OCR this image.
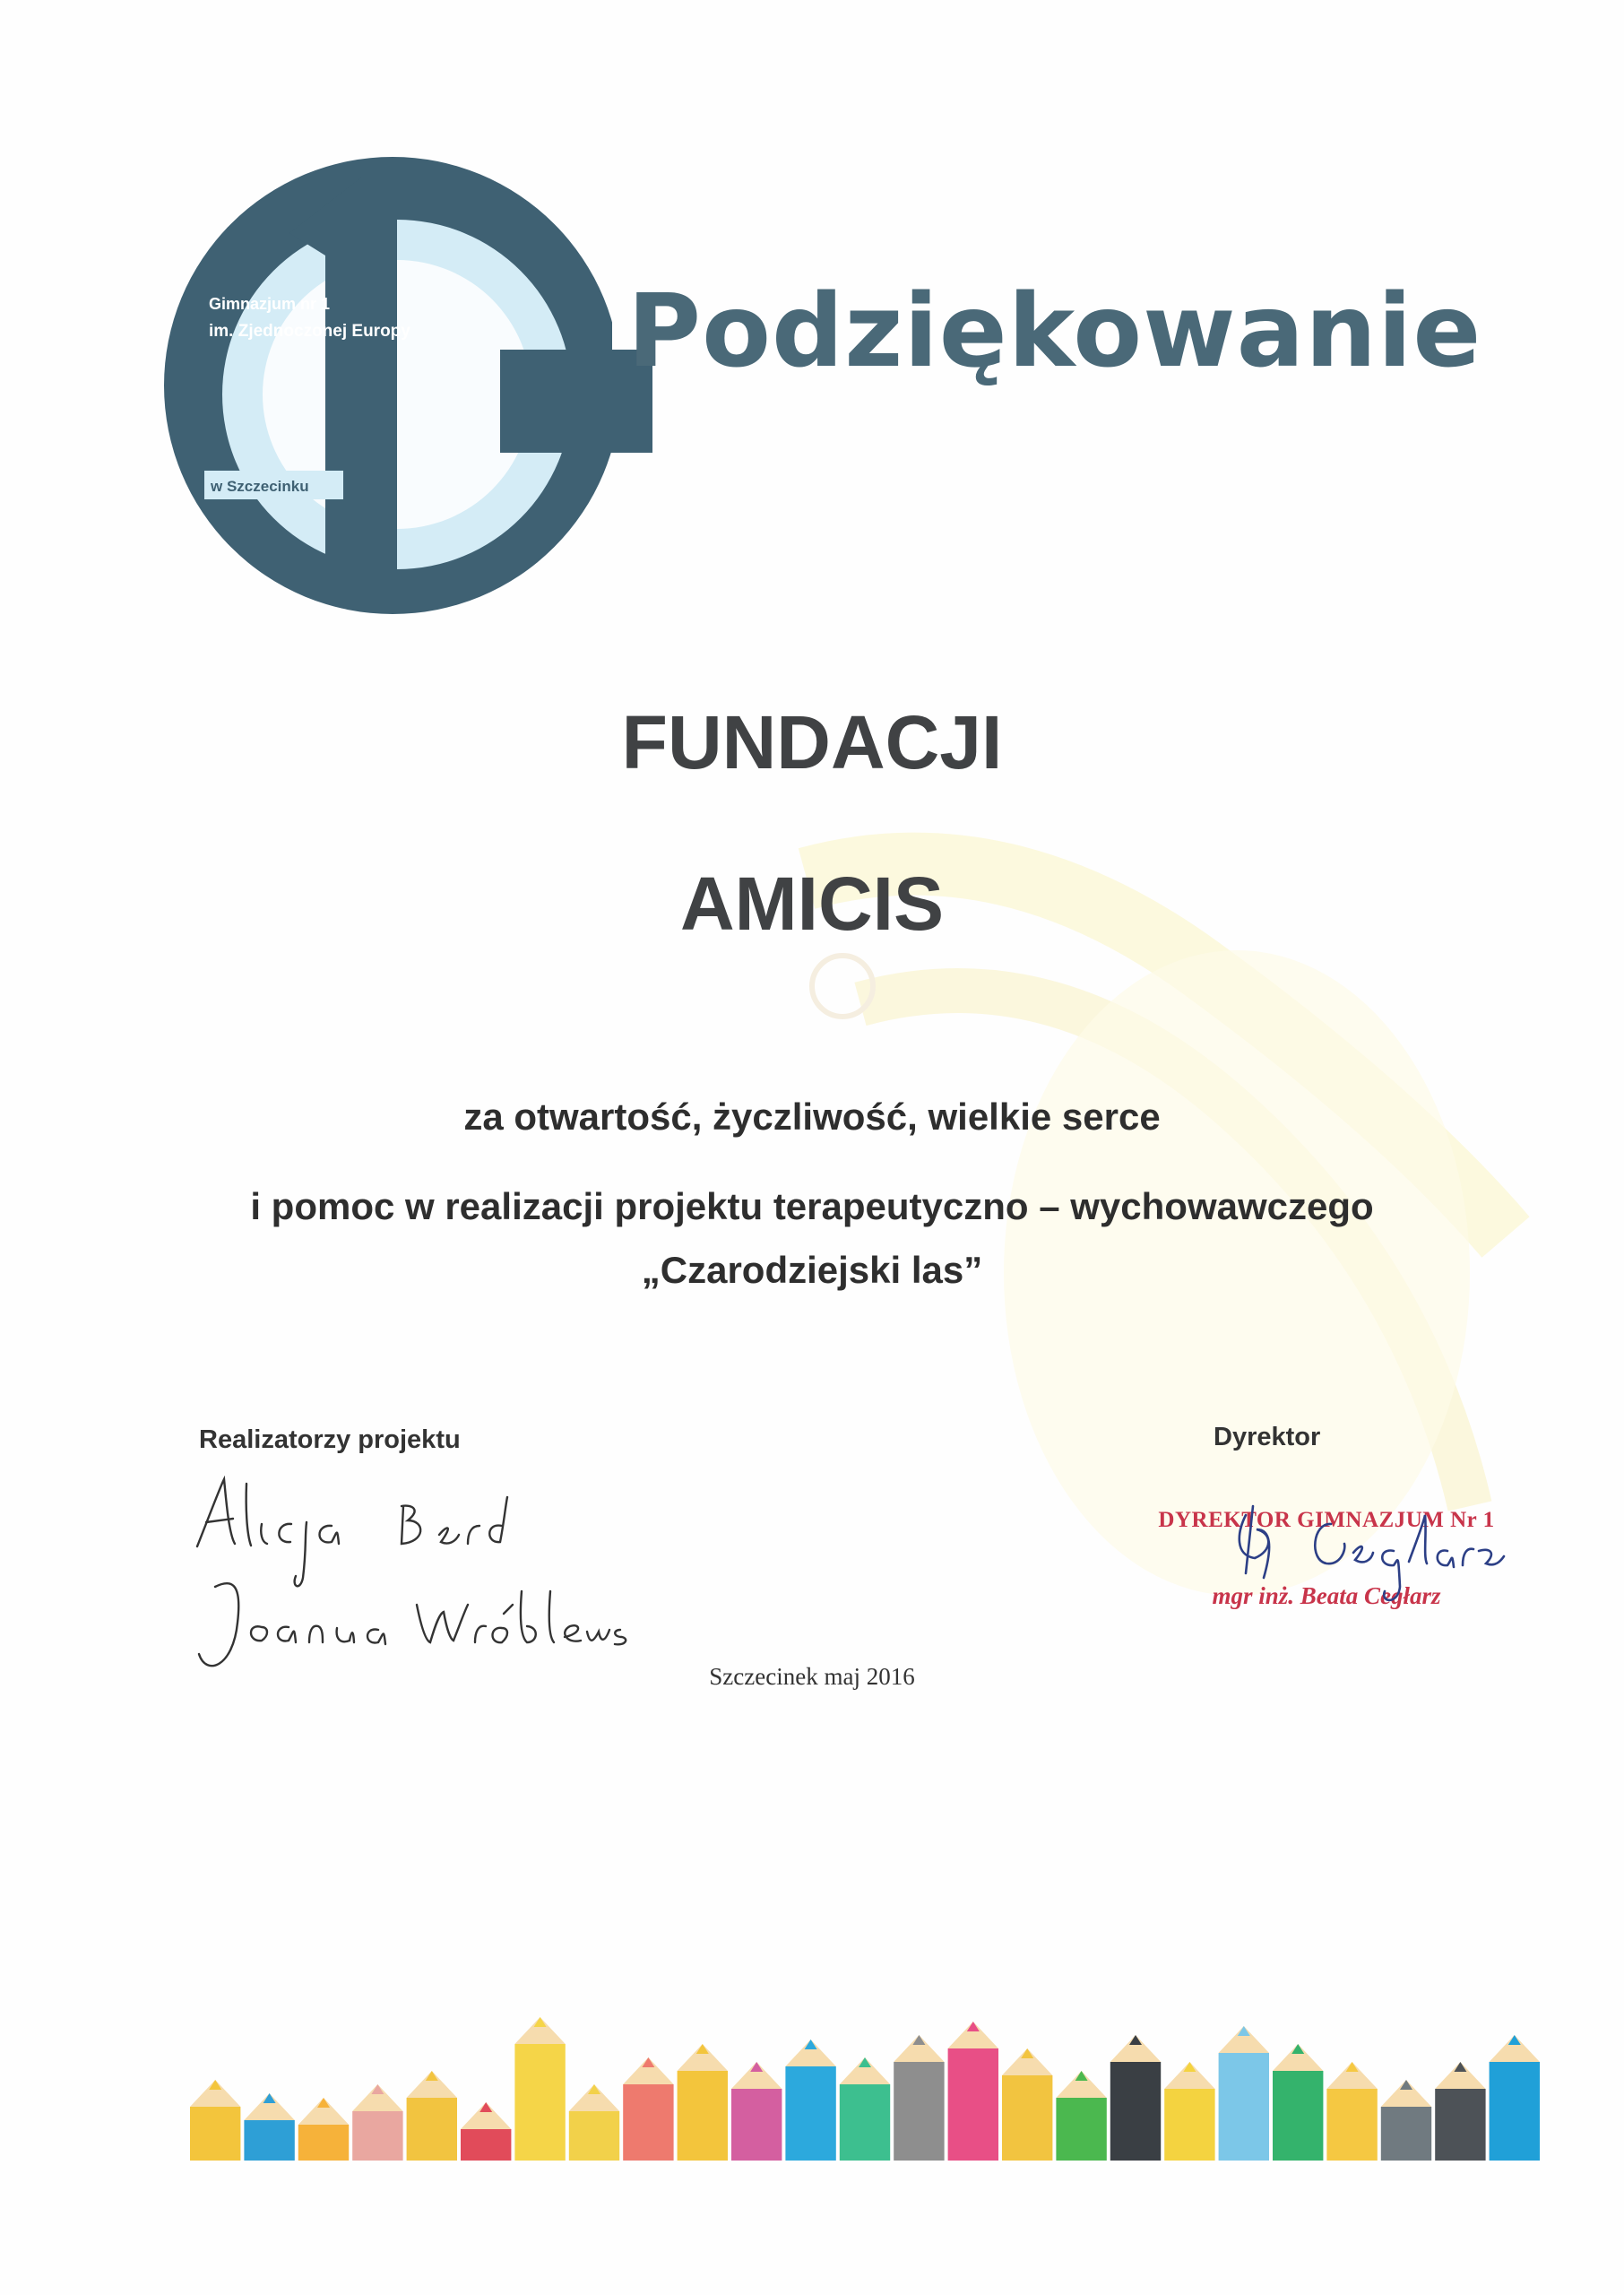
Gimnazjum nr 1
im. Zjednoczonej Europy
w Szczecinku
Podziękowanie
FUNDACJI
AMICIS
za otwartość, życzliwość, wielkie serce
i pomoc w realizacji projektu terapeutyczno – wychowawczego
„Czarodziejski las”
Realizatorzy projektu	Dyrektor
DYREKTOR GIMNAZJUM Nr 1
mgr inż. Beata Cegłarz
Szczecinek maj 2016
